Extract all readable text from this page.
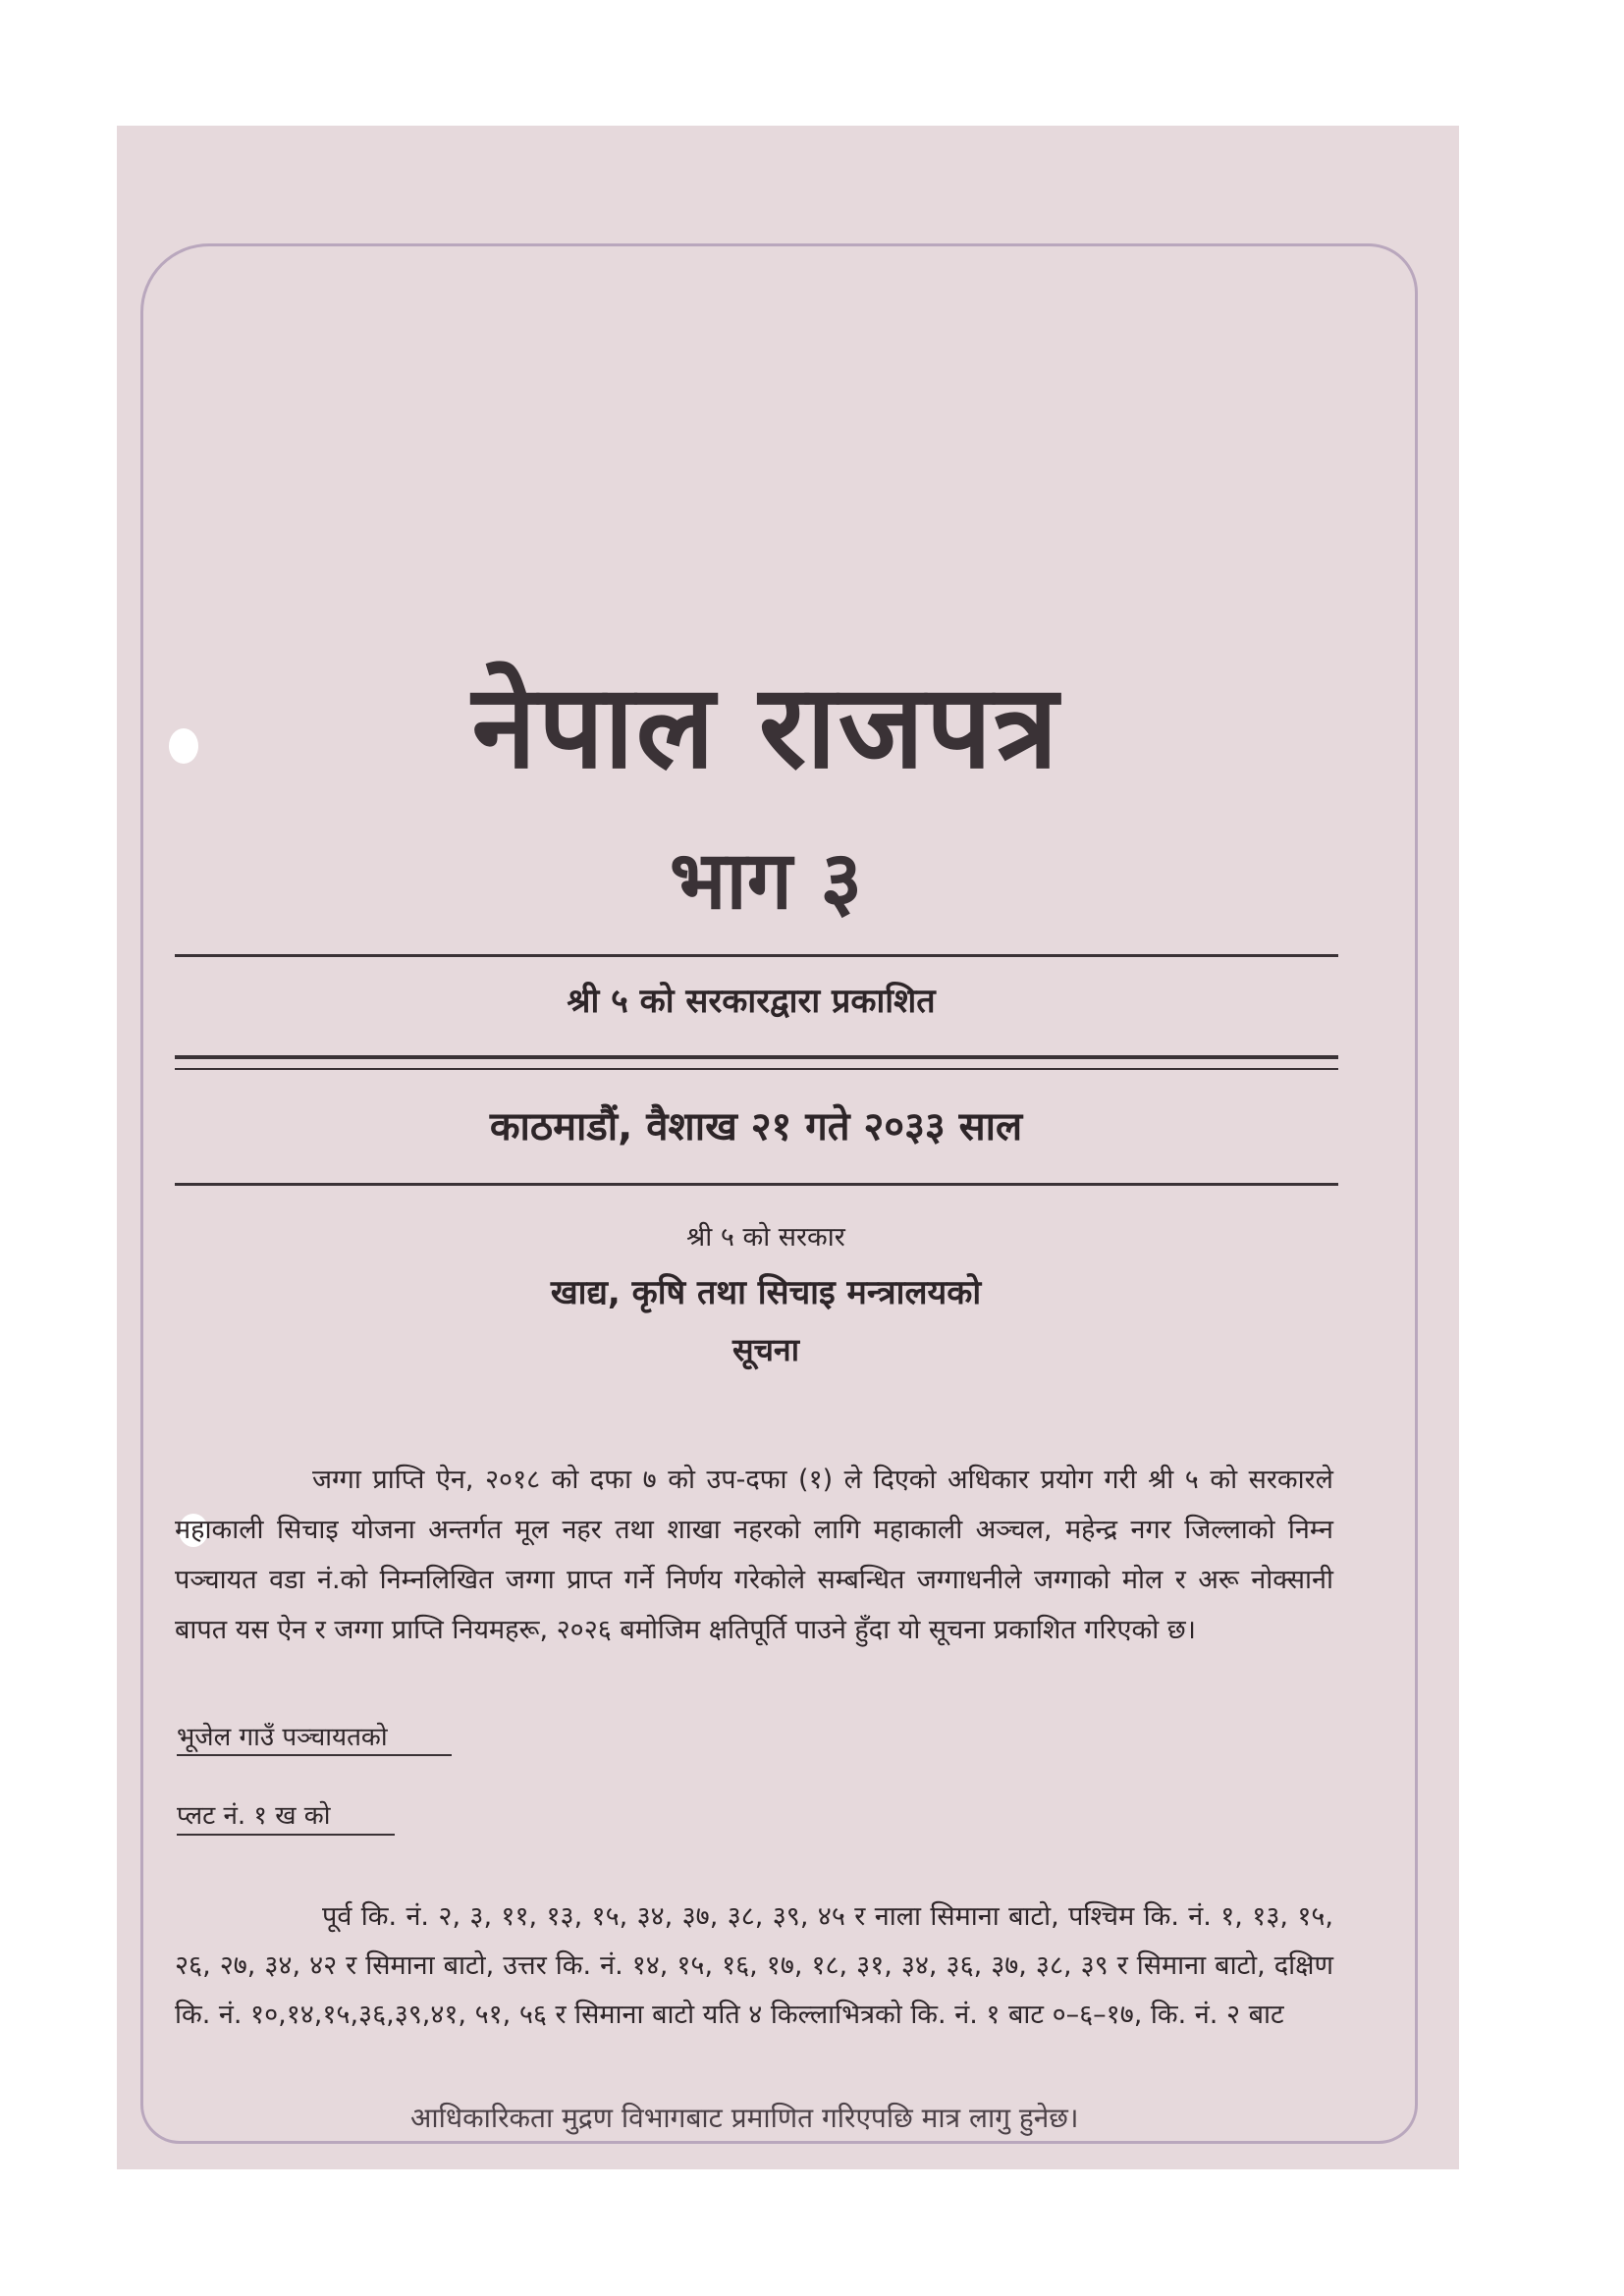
नेपाल राजपत्र
भाग ३
श्री ५ को सरकारद्वारा प्रकाशित
काठमाडौं, वैशाख २१ गते २०३३ साल
श्री ५ को सरकार
खाद्य, कृषि तथा सिचाइ मन्त्रालयको
सूचना
जग्गा प्राप्ति ऐन, २०१८ को दफा ७ को उप-दफा (१) ले दिएको अधिकार प्रयोग गरी श्री ५ को सरकारले महाकाली सिचाइ योजना अन्तर्गत मूल नहर तथा शाखा नहरको लागि महाकाली अञ्चल, महेन्द्र नगर जिल्लाको निम्न पञ्चायत वडा नं.को निम्नलिखित जग्गा प्राप्त गर्ने निर्णय गरेकोले सम्बन्धित जग्गाधनीले जग्गाको मोल र अरू नोक्सानी बापत यस ऐन र जग्गा प्राप्ति नियमहरू, २०२६ बमोजिम क्षतिपूर्ति पाउने हुँदा यो सूचना प्रकाशित गरिएको छ।
भूजेल गाउँ पञ्चायतको
प्लट नं. १ ख को
पूर्व कि. नं. २, ३, ११, १३, १५, ३४, ३७, ३८, ३९, ४५ र नाला सिमाना बाटो, पश्चिम कि. नं. १, १३, १५, २६, २७, ३४, ४२ र सिमाना बाटो, उत्तर कि. नं. १४, १५, १६, १७, १८, ३१, ३४, ३६, ३७, ३८, ३९ र सिमाना बाटो, दक्षिण कि. नं. १०,१४,१५,३६,३९,४१, ५१, ५६ र सिमाना बाटो यति ४ किल्लाभित्रको कि. नं. १ बाट ०–६–१७, कि. नं. २ बाट
आधिकारिकता मुद्रण विभागबाट प्रमाणित गरिएपछि मात्र लागु हुनेछ।
